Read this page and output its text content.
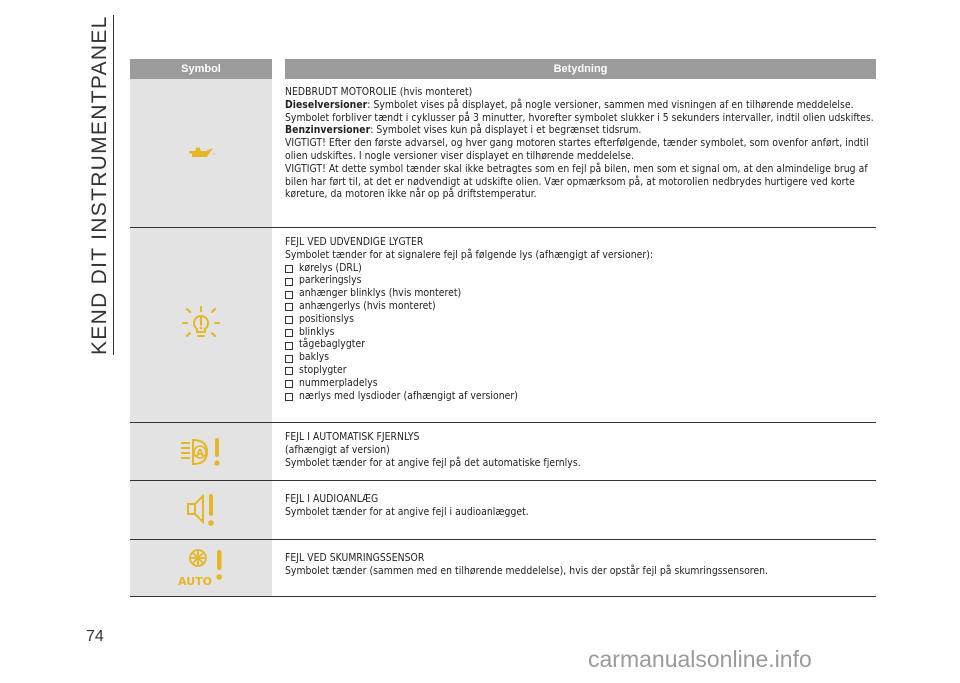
KEND DIT INSTRUMENTPANEL
74
carmanualsonline.info
Symbol	Betydning

NEDBRUDT MOTOROLIE (hvis monteret)

Dieselversioner: Symbolet vises på displayet, på nogle versioner, sammen med visningen af en tilhørende meddelelse. Symbolet forbliver tændt i cyklusser på 3 minutter, hvorefter symbolet slukker i 5 sekunders intervaller, indtil olien udskiftes.

Benzinversioner: Symbolet vises kun på displayet i et begrænset tidsrum.

VIGTIGT! Efter den første advarsel, og hver gang motoren startes efterfølgende, tænder symbolet, som ovenfor anført, indtil olien udskiftes. I nogle versioner viser displayet en tilhørende meddelelse.

VIGTIGT! At dette symbol tænder skal ikke betragtes som en fejl på bilen, men som et signal om, at den almindelige brug af bilen har ført til, at det er nødvendigt at udskifte olien. Vær opmærksom på, at motorolien nedbrydes hurtigere ved korte køreture, da motoren ikke når op på driftstemperatur.

FEJL VED UDVENDIGE LYGTER

Symbolet tænder for at signalere fejl på følgende lys (afhængigt af versioner):

kørelys (DRL)
parkeringslys
anhænger blinklys (hvis monteret)
anhængerlys (hvis monteret)
positionslys
blinklys
tågebaglygter
baklys
stoplygter
nummerpladelys
nærlys med lysdioder (afhængigt af versioner)
A

FEJL I AUTOMATISK FJERNLYS

(afhængigt af version)

Symbolet tænder for at angive fejl på det automatiske fjernlys.

FEJL I AUDIOANLÆG

Symbolet tænder for at angive fejl i audioanlægget.

AUTO

FEJL VED SKUMRINGSSENSOR

Symbolet tænder (sammen med en tilhørende meddelelse), hvis der opstår fejl på skumringssensoren.
